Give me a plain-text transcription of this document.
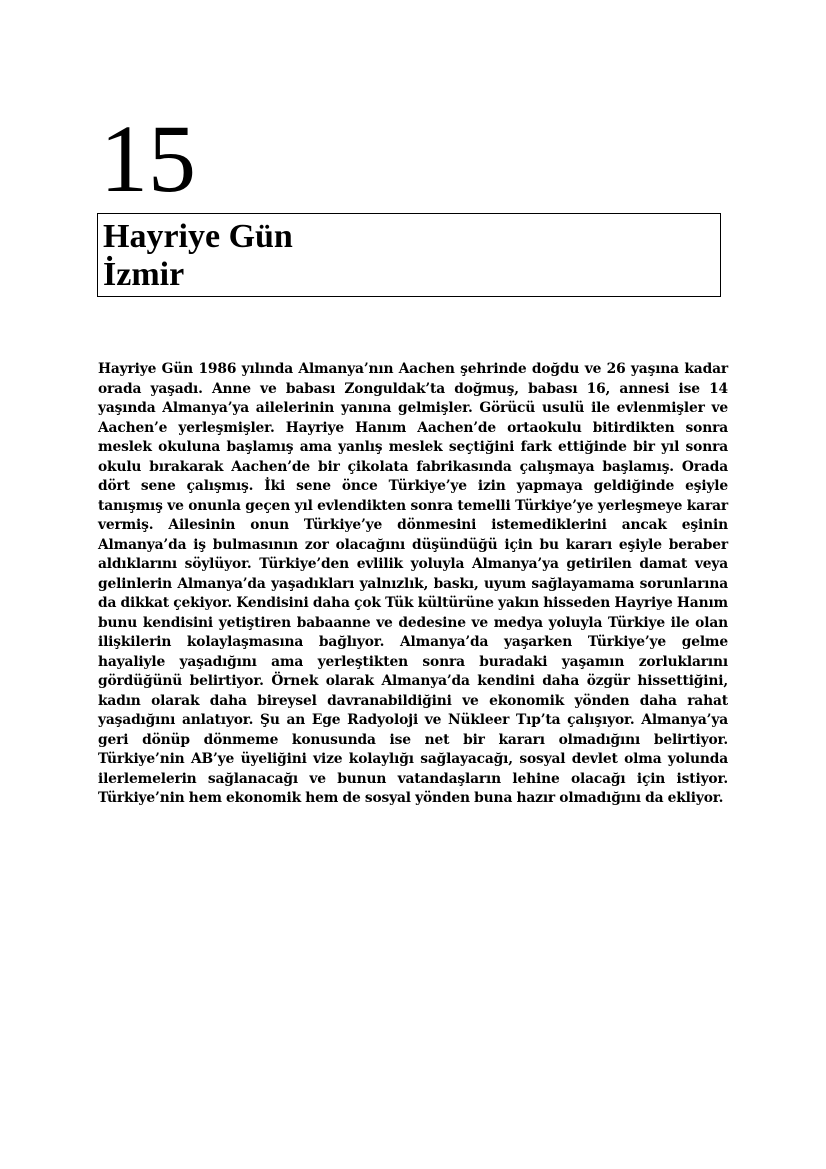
15
Hayriye Gün
İzmir

Hayriye Gün 1986 yılında Almanya’nın Aachen şehrinde doğdu ve 26 yaşına kadar orada yaşadı. Anne ve babası Zonguldak’ta doğmuş, babası 16, annesi ise 14 yaşında Almanya’ya ailelerinin yanına gelmişler. Görücü usulü ile evlenmişler ve Aachen’e yerleşmişler. Hayriye Hanım Aachen’de ortaokulu bitirdikten sonra meslek okuluna başlamış ama yanlış meslek seçtiğini fark ettiğinde bir yıl sonra okulu bırakarak Aachen’de bir çikolata fabrikasında çalışmaya başlamış. Orada dört sene çalışmış. İki sene önce Türkiye’ye izin yapmaya geldiğinde eşiyle tanışmış ve onunla geçen yıl evlendikten sonra temelli Türkiye’ye yerleşmeye karar vermiş. Ailesinin onun Türkiye’ye dönmesini istemediklerini ancak eşinin Almanya’da iş bulmasının zor olacağını düşündüğü için bu kararı eşiyle beraber aldıklarını söylüyor. Türkiye’den evlilik yoluyla Almanya’ya getirilen damat veya gelinlerin Almanya’da yaşadıkları yalnızlık, baskı, uyum sağlayamama sorunlarına da dikkat çekiyor. Kendisini daha çok Tük kültürüne yakın hisseden Hayriye Hanım bunu kendisini yetiştiren babaanne ve dedesine ve medya yoluyla Türkiye ile olan ilişkilerin kolaylaşmasına bağlıyor. Almanya’da yaşarken Türkiye’ye gelme hayaliyle yaşadığını ama yerleştikten sonra buradaki yaşamın zorluklarını gördüğünü belirtiyor. Örnek olarak Almanya’da kendini daha özgür hissettiğini, kadın olarak daha bireysel davranabildiğini ve ekonomik yönden daha rahat yaşadığını anlatıyor. Şu an Ege Radyoloji ve Nükleer Tıp’ta çalışıyor. Almanya’ya geri dönüp dönmeme konusunda ise net bir kararı olmadığını belirtiyor. Türkiye’nin AB’ye üyeliğini vize kolaylığı sağlayacağı, sosyal devlet olma yolunda ilerlemelerin sağlanacağı ve bunun vatandaşların lehine olacağı için istiyor. Türkiye’nin hem ekonomik hem de sosyal yönden buna hazır olmadığını da ekliyor.
